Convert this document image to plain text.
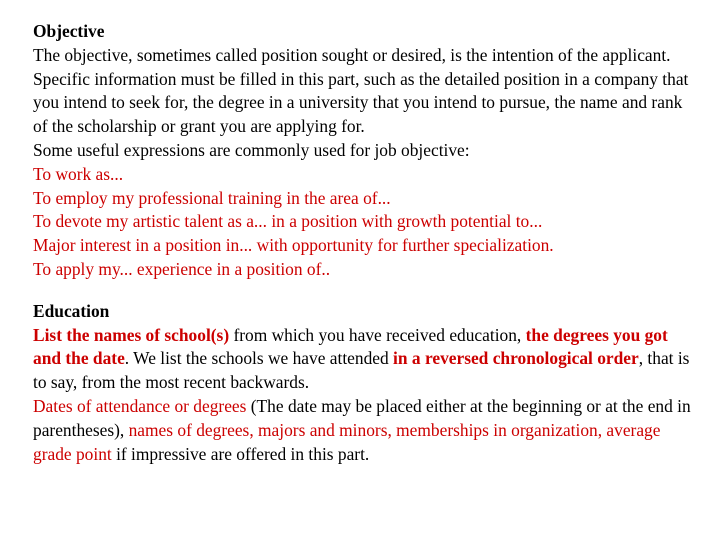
Objective
The objective, sometimes called position sought or desired, is the intention of the applicant. Specific information must be filled in this part, such as the detailed position in a company that you intend to seek for, the degree in a university that you intend to pursue, the name and rank of the scholarship or grant you are applying for.
Some useful expressions are commonly used for job objective:
To work as...
To employ my professional training in the area of...
To devote my artistic talent as a... in a position with growth potential to...
Major interest in a position in... with opportunity for further specialization.
To apply my... experience in a position of..
Education
List the names of school(s) from which you have received education, the degrees you got and the date. We list the schools we have attended in a reversed chronological order, that is to say, from the most recent backwards.
Dates of attendance or degrees (The date may be placed either at the beginning or at the end in parentheses), names of degrees, majors and minors, memberships in organization, average grade point if impressive are offered in this part.
